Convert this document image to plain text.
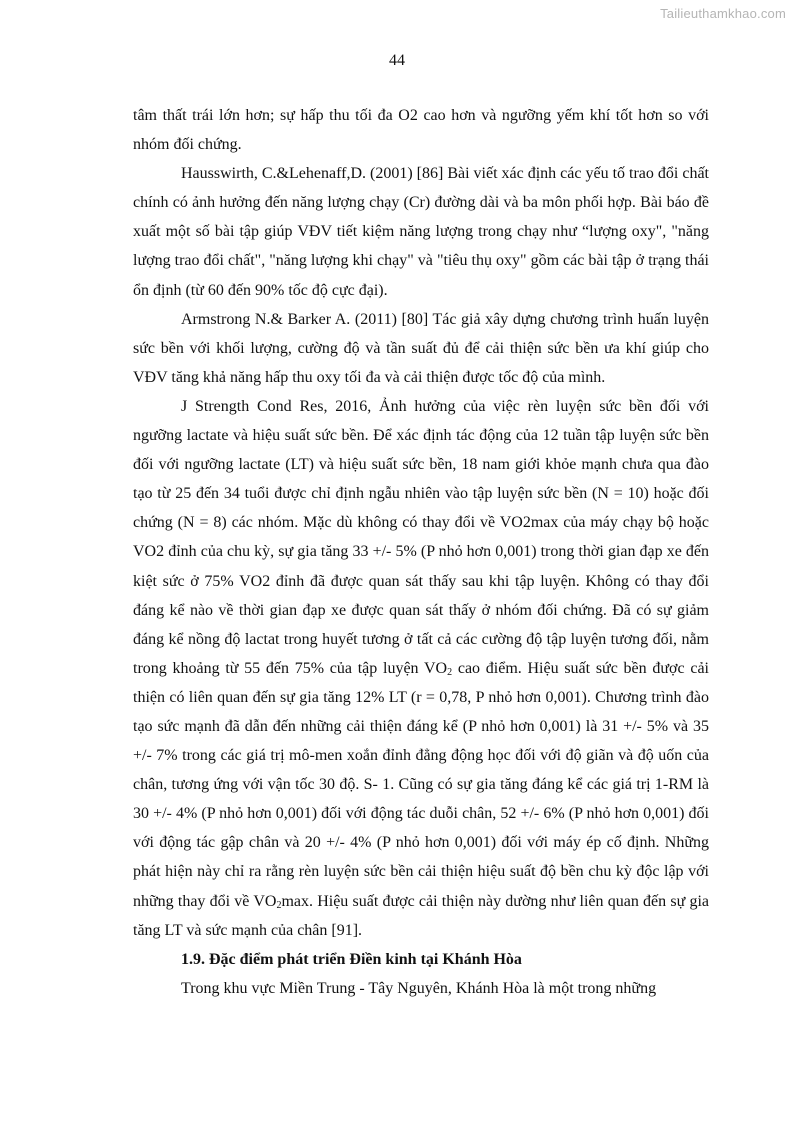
Tailieuthamkhao.com
44

tâm thất trái lớn hơn; sự hấp thu tối đa O2 cao hơn và ngưỡng yếm khí tốt hơn so với nhóm đối chứng.

Hausswirth, C.&Lehenaff,D. (2001) [86] Bài viết xác định các yếu tố trao đổi chất chính có ảnh hưởng đến năng lượng chạy (Cr) đường dài và ba môn phối hợp. Bài báo đề xuất một số bài tập giúp VĐV tiết kiệm năng lượng trong chạy như “lượng oxy", "năng lượng trao đổi chất", "năng lượng khi chạy" và "tiêu thụ oxy" gồm các bài tập ở trạng thái ổn định (từ 60 đến 90% tốc độ cực đại).

Armstrong N.& Barker A. (2011) [80] Tác giả xây dựng chương trình huấn luyện sức bền với khối lượng, cường độ và tần suất đủ để cải thiện sức bền ưa khí giúp cho VĐV tăng khả năng hấp thu oxy tối đa và cải thiện được tốc độ của mình.

J Strength Cond Res, 2016, Ảnh hưởng của việc rèn luyện sức bền đối với ngưỡng lactate và hiệu suất sức bền. Để xác định tác động của 12 tuần tập luyện sức bền đối với ngưỡng lactate (LT) và hiệu suất sức bền, 18 nam giới khỏe mạnh chưa qua đào tạo từ 25 đến 34 tuổi được chỉ định ngẫu nhiên vào tập luyện sức bền (N = 10) hoặc đối chứng (N = 8) các nhóm. Mặc dù không có thay đổi về VO2max của máy chạy bộ hoặc VO2 đỉnh của chu kỳ, sự gia tăng 33 +/- 5% (P nhỏ hơn 0,001) trong thời gian đạp xe đến kiệt sức ở 75% VO2 đỉnh đã được quan sát thấy sau khi tập luyện. Không có thay đổi đáng kể nào về thời gian đạp xe được quan sát thấy ở nhóm đối chứng. Đã có sự giảm đáng kể nồng độ lactat trong huyết tương ở tất cả các cường độ tập luyện tương đối, nằm trong khoảng từ 55 đến 75% của tập luyện $VO_2$ cao điểm. Hiệu suất sức bền được cải thiện có liên quan đến sự gia tăng 12% LT (r = 0,78, P nhỏ hơn 0,001). Chương trình đào tạo sức mạnh đã dẫn đến những cải thiện đáng kể (P nhỏ hơn 0,001) là 31 +/- 5% và 35 +/- 7% trong các giá trị mô-men xoắn đỉnh đẳng động học đối với độ giãn và độ uốn của chân, tương ứng với vận tốc 30 độ. S- 1. Cũng có sự gia tăng đáng kể các giá trị 1-RM là 30 +/- 4% (P nhỏ hơn 0,001) đối với động tác duỗi chân, 52 +/- 6% (P nhỏ hơn 0,001) đối với động tác gập chân và 20 +/- 4% (P nhỏ hơn 0,001) đối với máy ép cố định. Những phát hiện này chỉ ra rằng rèn luyện sức bền cải thiện hiệu suất độ bền chu kỳ độc lập với những thay đổi về $VO_2\max$. Hiệu suất được cải thiện này dường như liên quan đến sự gia tăng LT và sức mạnh của chân [91].

1.9. Đặc điểm phát triển Điền kinh tại Khánh Hòa

Trong khu vực Miền Trung - Tây Nguyên, Khánh Hòa là một trong những
